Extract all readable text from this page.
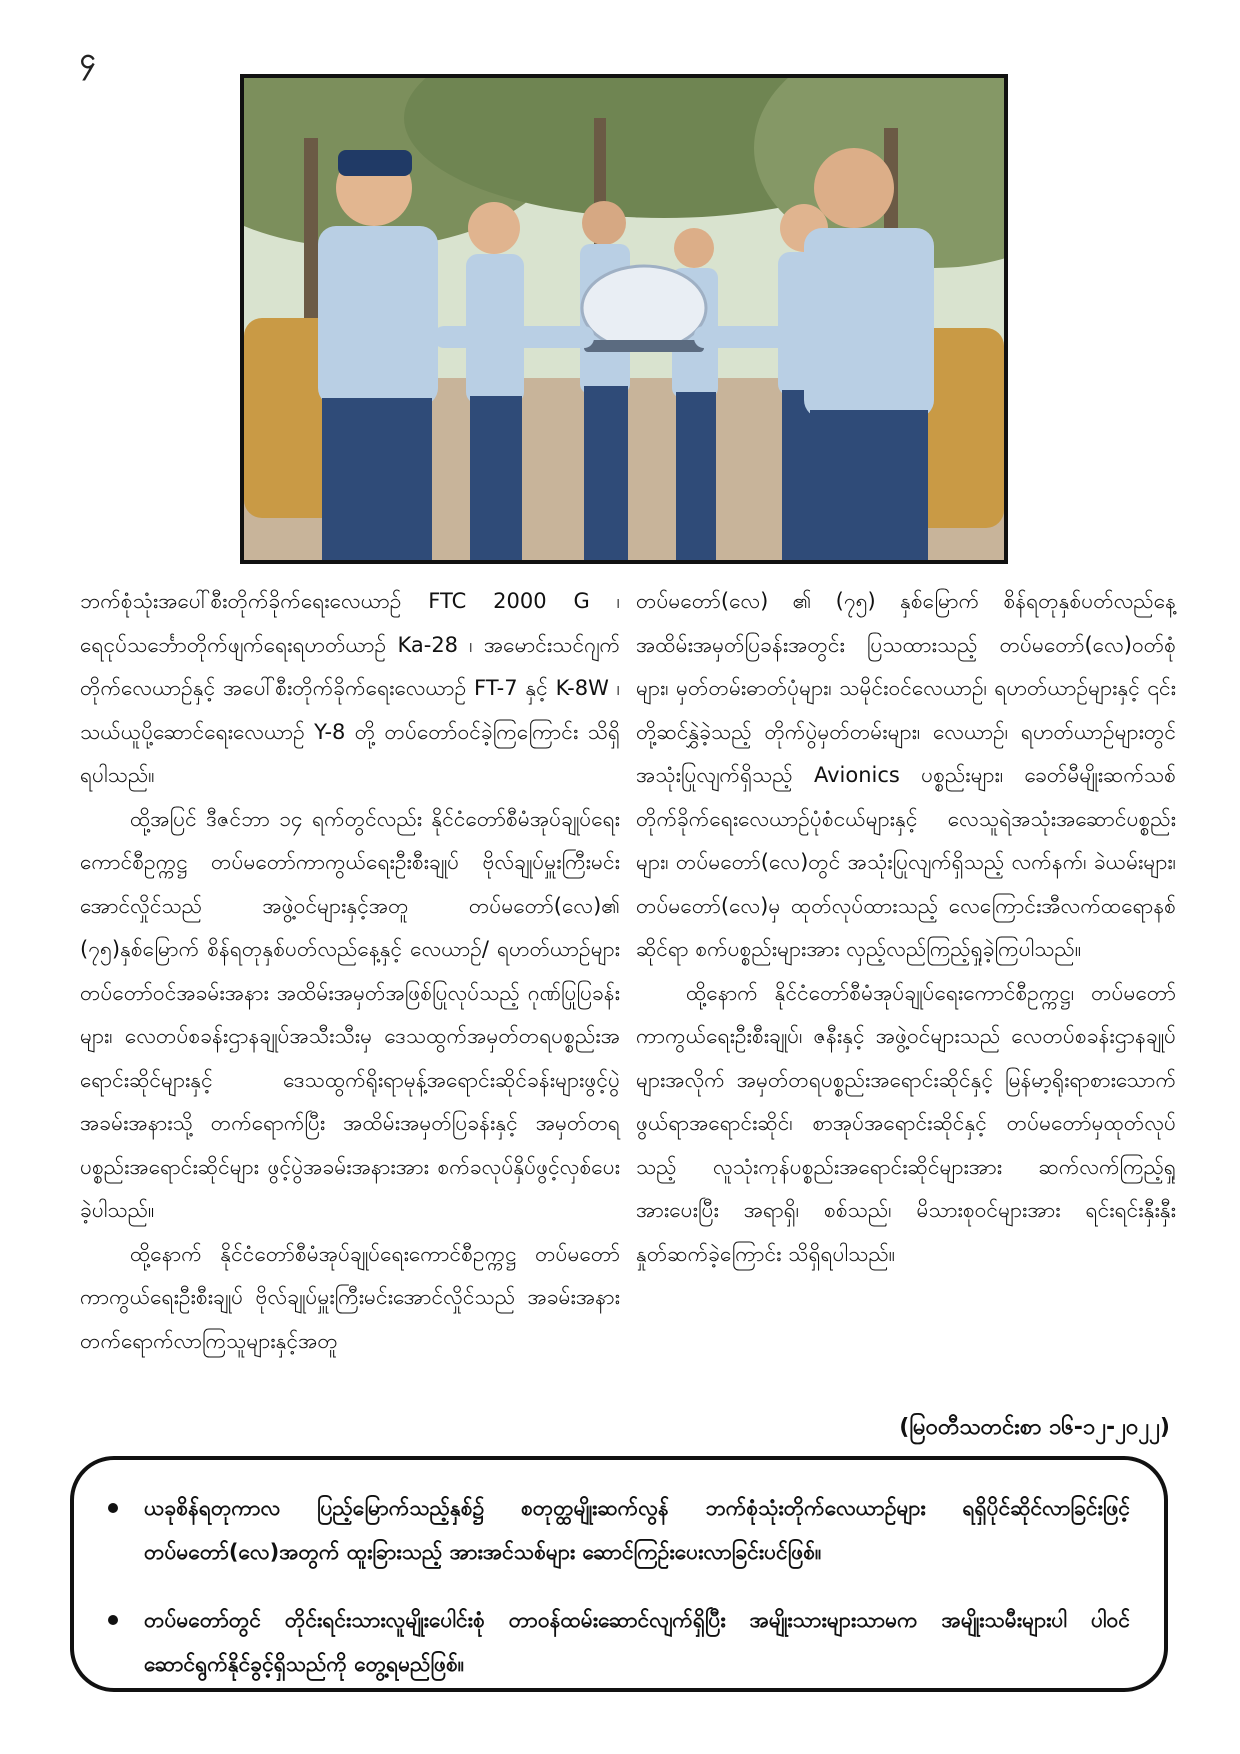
၄

ဘက်စုံသုံးအပေါ်စီးတိုက်ခိုက်ရေးလေယာဉ် FTC 2000 G ၊ ရေငုပ်သင်္ဘောတိုက်ဖျက်ရေးရဟတ်ယာဉ် Ka-28 ၊ အမောင်းသင်ဂျက်တိုက်လေယာဉ်နှင့် အပေါ်စီးတိုက်ခိုက်ရေးလေယာဉ် FT-7 နှင့် K-8W ၊ သယ်ယူပို့ဆောင်ရေးလေယာဉ် Y-8 တို့ တပ်တော်ဝင်ခဲ့ကြကြောင်း သိရှိရပါသည်။

ထို့အပြင် ဒီဇင်ဘာ ၁၄ ရက်တွင်လည်း နိုင်ငံတော်စီမံအုပ်ချုပ်ရေးကောင်စီဥက္ကဋ္ဌ တပ်မတော်ကာကွယ်ရေးဦးစီးချုပ် ဗိုလ်ချုပ်မှူးကြီးမင်းအောင်လှိုင်သည် အဖွဲ့ဝင်များနှင့်အတူ တပ်မတော်(လေ)၏ (၇၅)နှစ်မြောက် စိန်ရတုနှစ်ပတ်လည်နေ့နှင့် လေယာဉ်/ ရဟတ်ယာဉ်များ တပ်တော်ဝင်အခမ်းအနား အထိမ်းအမှတ်အဖြစ်ပြုလုပ်သည့် ဂုဏ်ပြုပြခန်းများ၊ လေတပ်စခန်းဌာနချုပ်အသီးသီးမှ ဒေသထွက်အမှတ်တရပစ္စည်းအရောင်းဆိုင်များနှင့် ဒေသထွက်ရိုးရာမုန့်အရောင်းဆိုင်ခန်းများဖွင့်ပွဲအခမ်းအနားသို့ တက်ရောက်ပြီး အထိမ်းအမှတ်ပြခန်းနှင့် အမှတ်တရပစ္စည်းအရောင်းဆိုင်များ ဖွင့်ပွဲအခမ်းအနားအား စက်ခလုပ်နှိပ်ဖွင့်လှစ်ပေးခဲ့ပါသည်။

ထို့နောက် နိုင်ငံတော်စီမံအုပ်ချုပ်ရေးကောင်စီဥက္ကဋ္ဌ တပ်မတော်ကာကွယ်ရေးဦးစီးချုပ် ဗိုလ်ချုပ်မှူးကြီးမင်းအောင်လှိုင်သည် အခမ်းအနားတက်ရောက်လာကြသူများနှင့်အတူ

တပ်မတော်(လေ) ၏ (၇၅) နှစ်မြောက် စိန်ရတုနှစ်ပတ်လည်နေ့ အထိမ်းအမှတ်ပြခန်းအတွင်း ပြသထားသည့် တပ်မတော်(လေ)ဝတ်စုံများ၊ မှတ်တမ်းဓာတ်ပုံများ၊ သမိုင်းဝင်လေယာဉ်၊ ရဟတ်ယာဉ်များနှင့် ၎င်းတို့ဆင်နွှဲခဲ့သည့် တိုက်ပွဲမှတ်တမ်းများ၊ လေယာဉ်၊ ရဟတ်ယာဉ်များတွင် အသုံးပြုလျက်ရှိသည့် Avionics ပစ္စည်းများ၊ ခေတ်မီမျိုးဆက်သစ်တိုက်ခိုက်ရေးလေယာဉ်ပုံစံငယ်များနှင့် လေသူရဲအသုံးအဆောင်ပစ္စည်းများ၊ တပ်မတော်(လေ)တွင် အသုံးပြုလျက်ရှိသည့် လက်နက်၊ ခဲယမ်းများ၊ တပ်မတော်(လေ)မှ ထုတ်လုပ်ထားသည့် လေကြောင်းအီလက်ထရောနစ်ဆိုင်ရာ စက်ပစ္စည်းများအား လှည့်လည်ကြည့်ရှုခဲ့ကြပါသည်။

ထို့နောက် နိုင်ငံတော်စီမံအုပ်ချုပ်ရေးကောင်စီဥက္ကဋ္ဌ၊ တပ်မတော်ကာကွယ်ရေးဦးစီးချုပ်၊ ဇနီးနှင့် အဖွဲ့ဝင်များသည် လေတပ်စခန်းဌာနချုပ်များအလိုက် အမှတ်တရပစ္စည်းအရောင်းဆိုင်နှင့် မြန်မာ့ရိုးရာစားသောက်ဖွယ်ရာအရောင်းဆိုင်၊ စာအုပ်အရောင်းဆိုင်နှင့် တပ်မတော်မှထုတ်လုပ်သည့် လူသုံးကုန်ပစ္စည်းအရောင်းဆိုင်များအား ဆက်လက်ကြည့်ရှုအားပေးပြီး အရာရှိ၊ စစ်သည်၊ မိသားစုဝင်များအား ရင်းရင်းနှီးနှီး နှုတ်ဆက်ခဲ့ကြောင်း သိရှိရပါသည်။

(မြဝတီသတင်းစာ ၁၆-၁၂-၂၀၂၂)
ယခုစိန်ရတုကာလ ပြည့်မြောက်သည့်နှစ်၌ စတုတ္ထမျိုးဆက်လွန် ဘက်စုံသုံးတိုက်လေယာဉ်များ ရရှိပိုင်ဆိုင်လာခြင်းဖြင့် တပ်မတော်(လေ)အတွက် ထူးခြားသည့် အားအင်သစ်များ ဆောင်ကြဉ်းပေးလာခြင်းပင်ဖြစ်။
တပ်မတော်တွင် တိုင်းရင်းသားလူမျိုးပေါင်းစုံ တာဝန်ထမ်းဆောင်လျက်ရှိပြီး အမျိုးသားများသာမက အမျိုးသမီးများပါ ပါဝင်ဆောင်ရွက်နိုင်ခွင့်ရှိသည်ကို တွေ့ရမည်ဖြစ်။
